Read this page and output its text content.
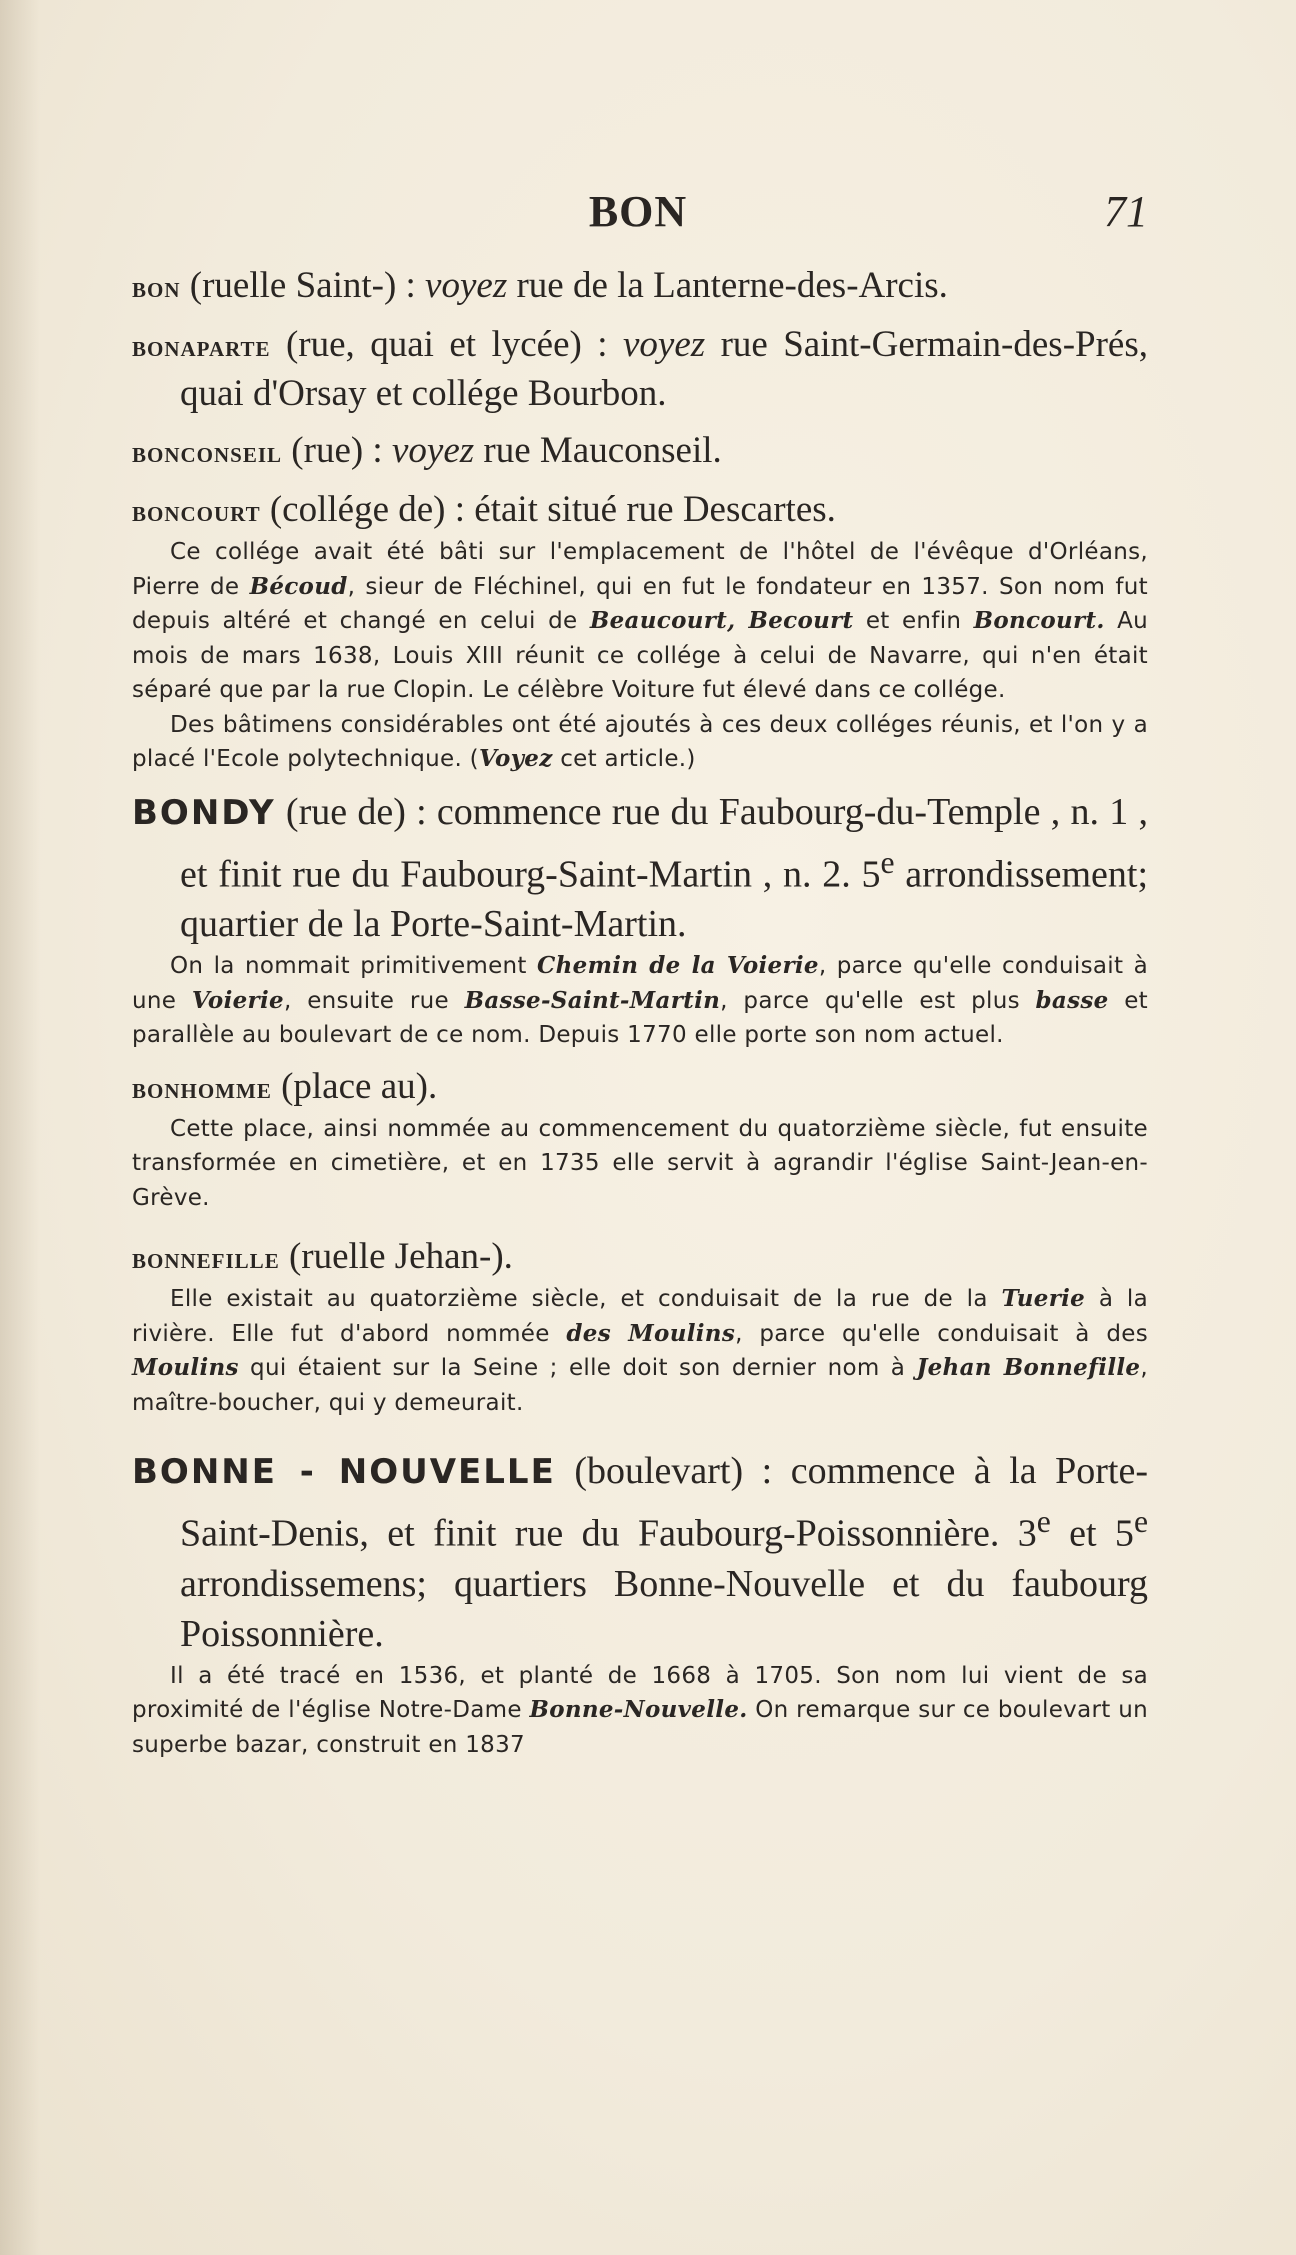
BON	71

bon (ruelle Saint-) : voyez rue de la Lanterne-des-Arcis.

bonaparte (rue, quai et lycée) : voyez rue Saint-Germain-des-Prés, quai d'Orsay et collége Bourbon.

bonconseil (rue) : voyez rue Mauconseil.

boncourt (collége de) : était situé rue Descartes.

Ce collége avait été bâti sur l'emplacement de l'hôtel de l'évêque d'Orléans, Pierre de Bécoud, sieur de Fléchinel, qui en fut le fondateur en 1357. Son nom fut depuis altéré et changé en celui de Beaucourt, Becourt et enfin Boncourt. Au mois de mars 1638, Louis XIII réunit ce collége à celui de Navarre, qui n'en était séparé que par la rue Clopin. Le célèbre Voiture fut élevé dans ce collége.

Des bâtimens considérables ont été ajoutés à ces deux colléges réunis, et l'on y a placé l'Ecole polytechnique. (Voyez cet article.)

BONDY (rue de) : commence rue du Faubourg-du-Temple , n. 1 , et finit rue du Faubourg-Saint-Martin , n. 2. 5e arrondissement; quartier de la Porte-Saint-Martin.

On la nommait primitivement Chemin de la Voierie, parce qu'elle conduisait à une Voierie, ensuite rue Basse-Saint-Martin, parce qu'elle est plus basse et parallèle au boulevart de ce nom. Depuis 1770 elle porte son nom actuel.

bonhomme (place au).

Cette place, ainsi nommée au commencement du quatorzième siècle, fut ensuite transformée en cimetière, et en 1735 elle servit à agrandir l'église Saint-Jean-en-Grève.

bonnefille (ruelle Jehan-).

Elle existait au quatorzième siècle, et conduisait de la rue de la Tuerie à la rivière. Elle fut d'abord nommée des Moulins, parce qu'elle conduisait à des Moulins qui étaient sur la Seine ; elle doit son dernier nom à Jehan Bonnefille, maître-boucher, qui y demeurait.

BONNE - NOUVELLE (boulevart) : commence à la Porte-Saint-Denis, et finit rue du Faubourg-Poissonnière. 3e et 5e arrondissemens; quartiers Bonne-Nouvelle et du faubourg Poissonnière.

Il a été tracé en 1536, et planté de 1668 à 1705. Son nom lui vient de sa proximité de l'église Notre-Dame Bonne-Nouvelle. On remarque sur ce boulevart un superbe bazar, construit en 1837
